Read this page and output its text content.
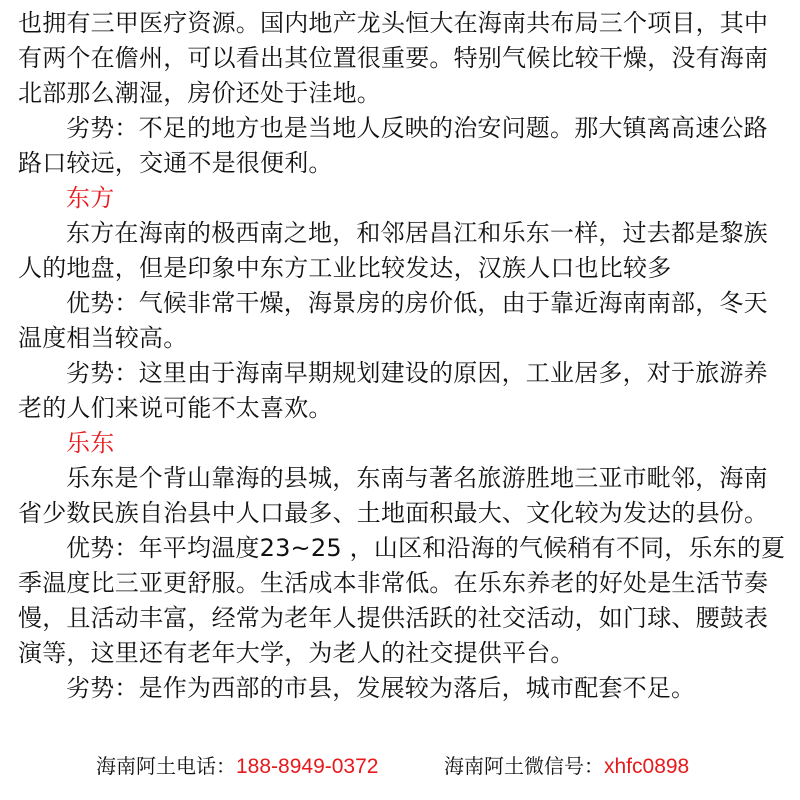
也拥有三甲医疗资源。国内地产龙头恒大在海南共布局三个项目，其中
有两个在儋州，可以看出其位置很重要。特别气候比较干燥，没有海南
北部那么潮湿，房价还处于洼地。
劣势：不足的地方也是当地人反映的治安问题。那大镇离高速公路
路口较远，交通不是很便利。
东方
东方在海南的极西南之地，和邻居昌江和乐东一样，过去都是黎族
人的地盘，但是印象中东方工业比较发达，汉族人口也比较多
优势：气候非常干燥，海景房的房价低，由于靠近海南南部，冬天
温度相当较高。
劣势：这里由于海南早期规划建设的原因，工业居多，对于旅游养
老的人们来说可能不太喜欢。
乐东
乐东是个背山靠海的县城，东南与著名旅游胜地三亚市毗邻，海南
省少数民族自治县中人口最多、土地面积最大、文化较为发达的县份。
优势：年平均温度23~25 ，山区和沿海的气候稍有不同，乐东的夏
季温度比三亚更舒服。生活成本非常低。在乐东养老的好处是生活节奏
慢，且活动丰富，经常为老年人提供活跃的社交活动，如门球、腰鼓表
演等，这里还有老年大学，为老人的社交提供平台。
劣势：是作为西部的市县，发展较为落后，城市配套不足。
海南阿土电话：188-8949-0372	海南阿土微信号：xhfc0898
